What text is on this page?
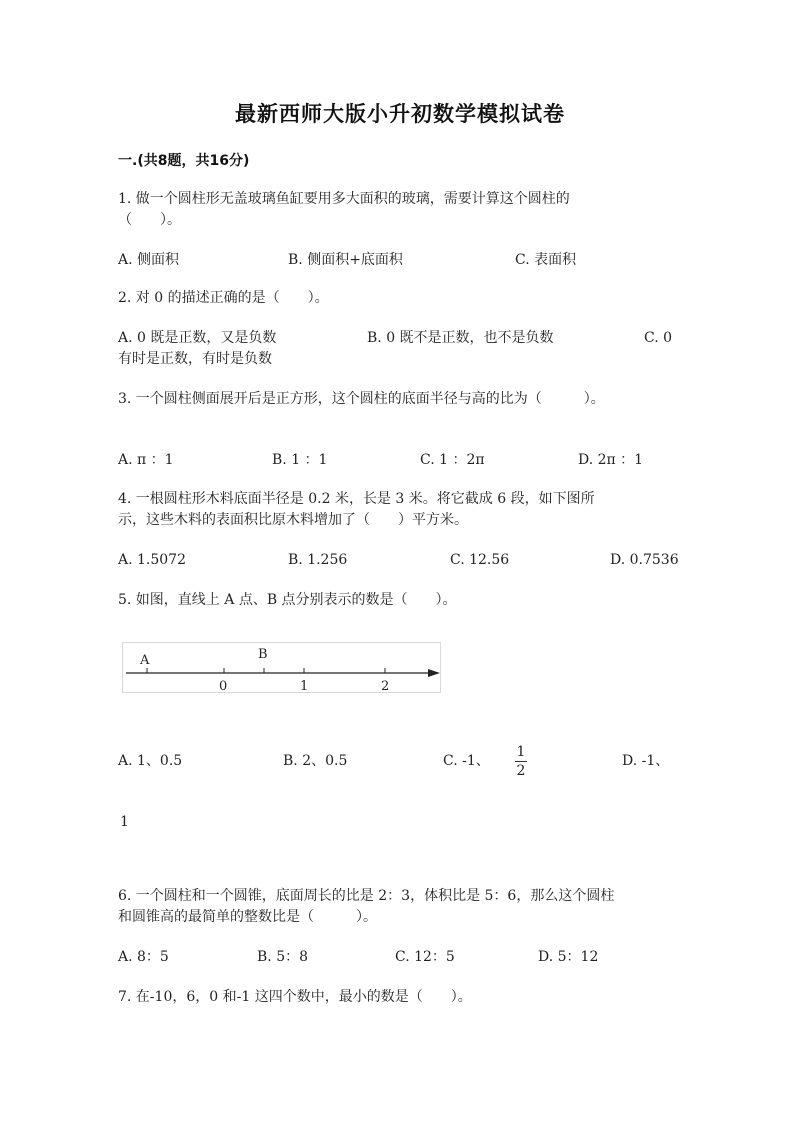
最新西师大版小升初数学模拟试卷
一.(共8题，共16分)
1. 做一个圆柱形无盖玻璃鱼缸要用多大面积的玻璃，需要计算这个圆柱的
（　　）。
A. 侧面积	B. 侧面积+底面积	C. 表面积
2. 对 0 的描述正确的是（　　）。
A. 0 既是正数，又是负数	B. 0 既不是正数，也不是负数	C. 0
有时是正数，有时是负数
3. 一个圆柱侧面展开后是正方形，这个圆柱的底面半径与高的比为（　　　）。
A. π ：1	B. 1 ：1	C. 1 ：2π	D. 2π ：1
4. 一根圆柱形木料底面半径是 0.2 米，长是 3 米。将它截成 6 段，如下图所
示，这些木料的表面积比原木料增加了（　　）平方米。
A. 1.5072	B. 1.256	C. 12.56	D. 0.7536
5. 如图，直线上 A 点、B 点分别表示的数是（　　）。
A	B
0	1	2
A. 1、0.5	B. 2、0.5	C. -1、
1
2
D. -1、
1
6. 一个圆柱和一个圆锥，底面周长的比是 2：3，体积比是 5：6，那么这个圆柱
和圆锥高的最简单的整数比是（　　　）。
A. 8：5	B. 5：8	C. 12：5	D. 5：12
7. 在-10，6，0 和-1 这四个数中，最小的数是（　　）。
